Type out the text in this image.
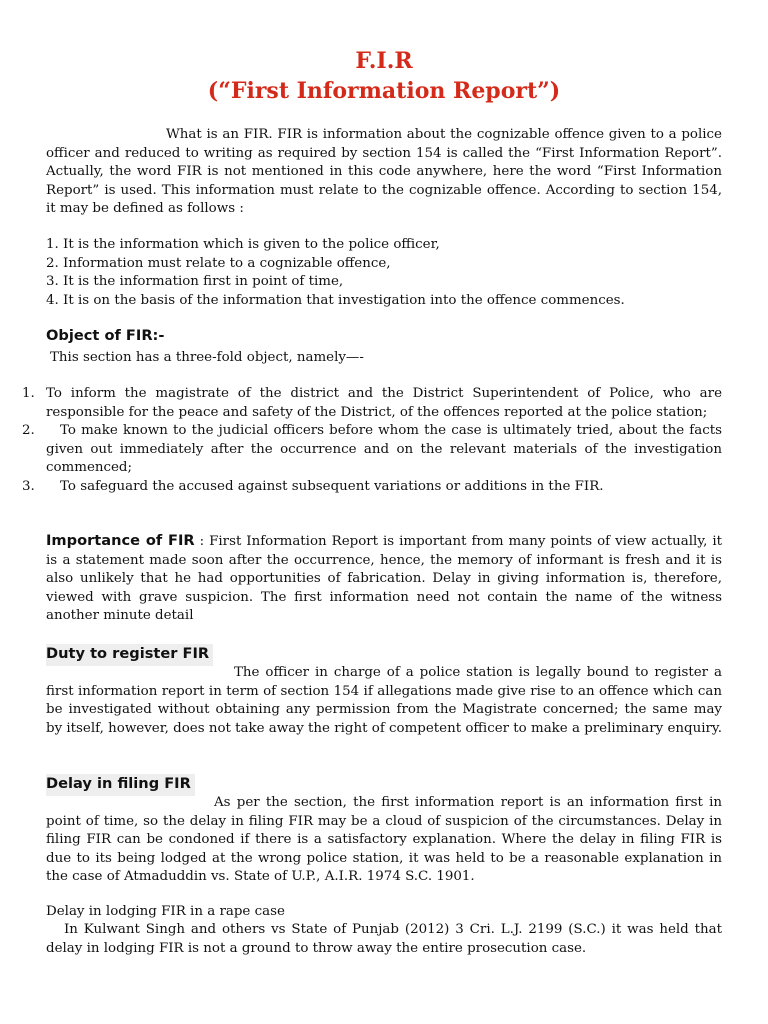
F.I.R
(“First Information Report”)

What is an FIR. FIR is information about the cognizable offence given to a police officer and reduced to writing as required by section 154 is called the “First Information Report”. Actually, the word FIR is not mentioned in this code anywhere, here the word “First Information Report” is used. This information must relate to the cognizable offence. According to section 154, it may be defined as follows :

1. It is the information which is given to the police officer,
2. Information must relate to a cognizable offence,
3. It is the information first in point of time,
4. It is on the basis of the information that investigation into the offence commences.
Object of FIR:-
This section has a three-fold object, namely—-
1. To inform the magistrate of the district and the District Superintendent of Police, who are responsible for the peace and safety of the District, of the offences reported at the police station;
2. To make known to the judicial officers before whom the case is ultimately tried, about the facts given out immediately after the occurrence and on the relevant materials of the investigation commenced;
3. To safeguard the accused against subsequent variations or additions in the FIR.

Importance of FIR : First Information Report is important from many points of view actually, it is a statement made soon after the occurrence, hence, the memory of informant is fresh and it is also unlikely that he had opportunities of fabrication. Delay in giving information is, therefore, viewed with grave suspicion. The first information need not contain the name of the witness another minute detail

Duty to register FIR

The officer in charge of a police station is legally bound to register a first information report in term of section 154 if allegations made give rise to an offence which can be investigated without obtaining any permission from the Magistrate concerned; the same may by itself, however, does not take away the right of competent officer to make a preliminary enquiry.

Delay in filing FIR

As per the section, the first information report is an information first in point of time, so the delay in filing FIR may be a cloud of suspicion of the circumstances. Delay in filing FIR can be condoned if there is a satisfactory explanation. Where the delay in filing FIR is due to its being lodged at the wrong police station, it was held to be a reasonable explanation in the case of Atmaduddin vs. State of U.P., A.I.R. 1974 S.C. 1901.

Delay in lodging FIR in a rape case

In Kulwant Singh and others vs State of Punjab (2012) 3 Cri. L.J. 2199 (S.C.) it was held that delay in lodging FIR is not a ground to throw away the entire prosecution case.
